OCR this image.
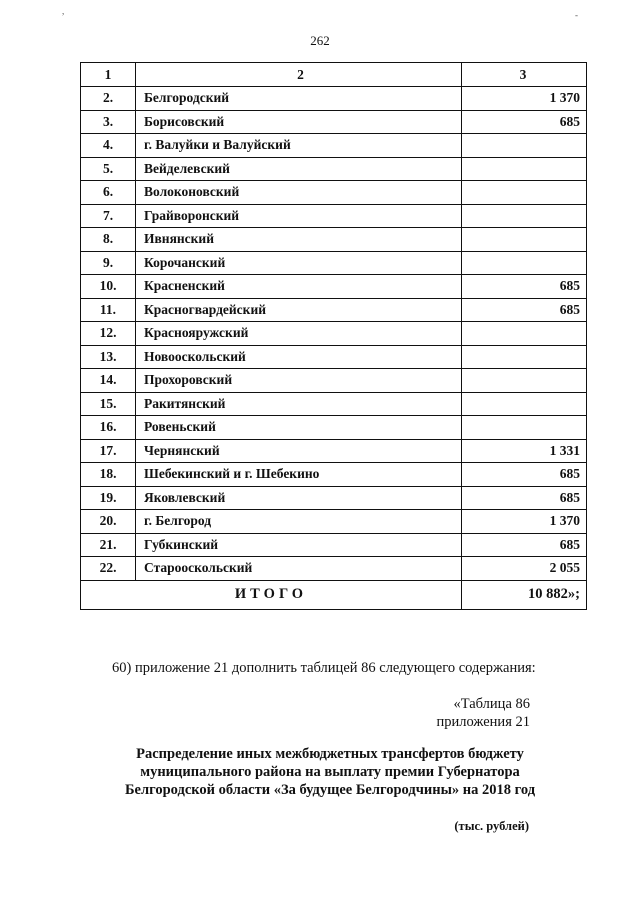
,	-
262
1	2	3
2.	Белгородский	1 370
3.	Борисовский	685
4.	г. Валуйки и Валуйский	
5.	Вейделевский	
6.	Волоконовский	
7.	Грайворонский	
8.	Ивнянский	
9.	Корочанский	
10.	Красненский	685
11.	Красногвардейский	685
12.	Краснояружский	
13.	Новооскольский	
14.	Прохоровский	
15.	Ракитянский	
16.	Ровеньский	
17.	Чернянский	1 331
18.	Шебекинский и г. Шебекино	685
19.	Яковлевский	685
20.	г. Белгород	1 370
21.	Губкинский	685
22.	Старооскольский	2 055
ИТОГО		10 882»;
60) приложение 21 дополнить таблицей 86 следующего содержания:
«Таблица 86
приложения 21
Распределение иных межбюджетных трансфертов бюджету
муниципального района на выплату премии Губернатора
Белгородской области «За будущее Белгородчины» на 2018 год
(тыс. рублей)
